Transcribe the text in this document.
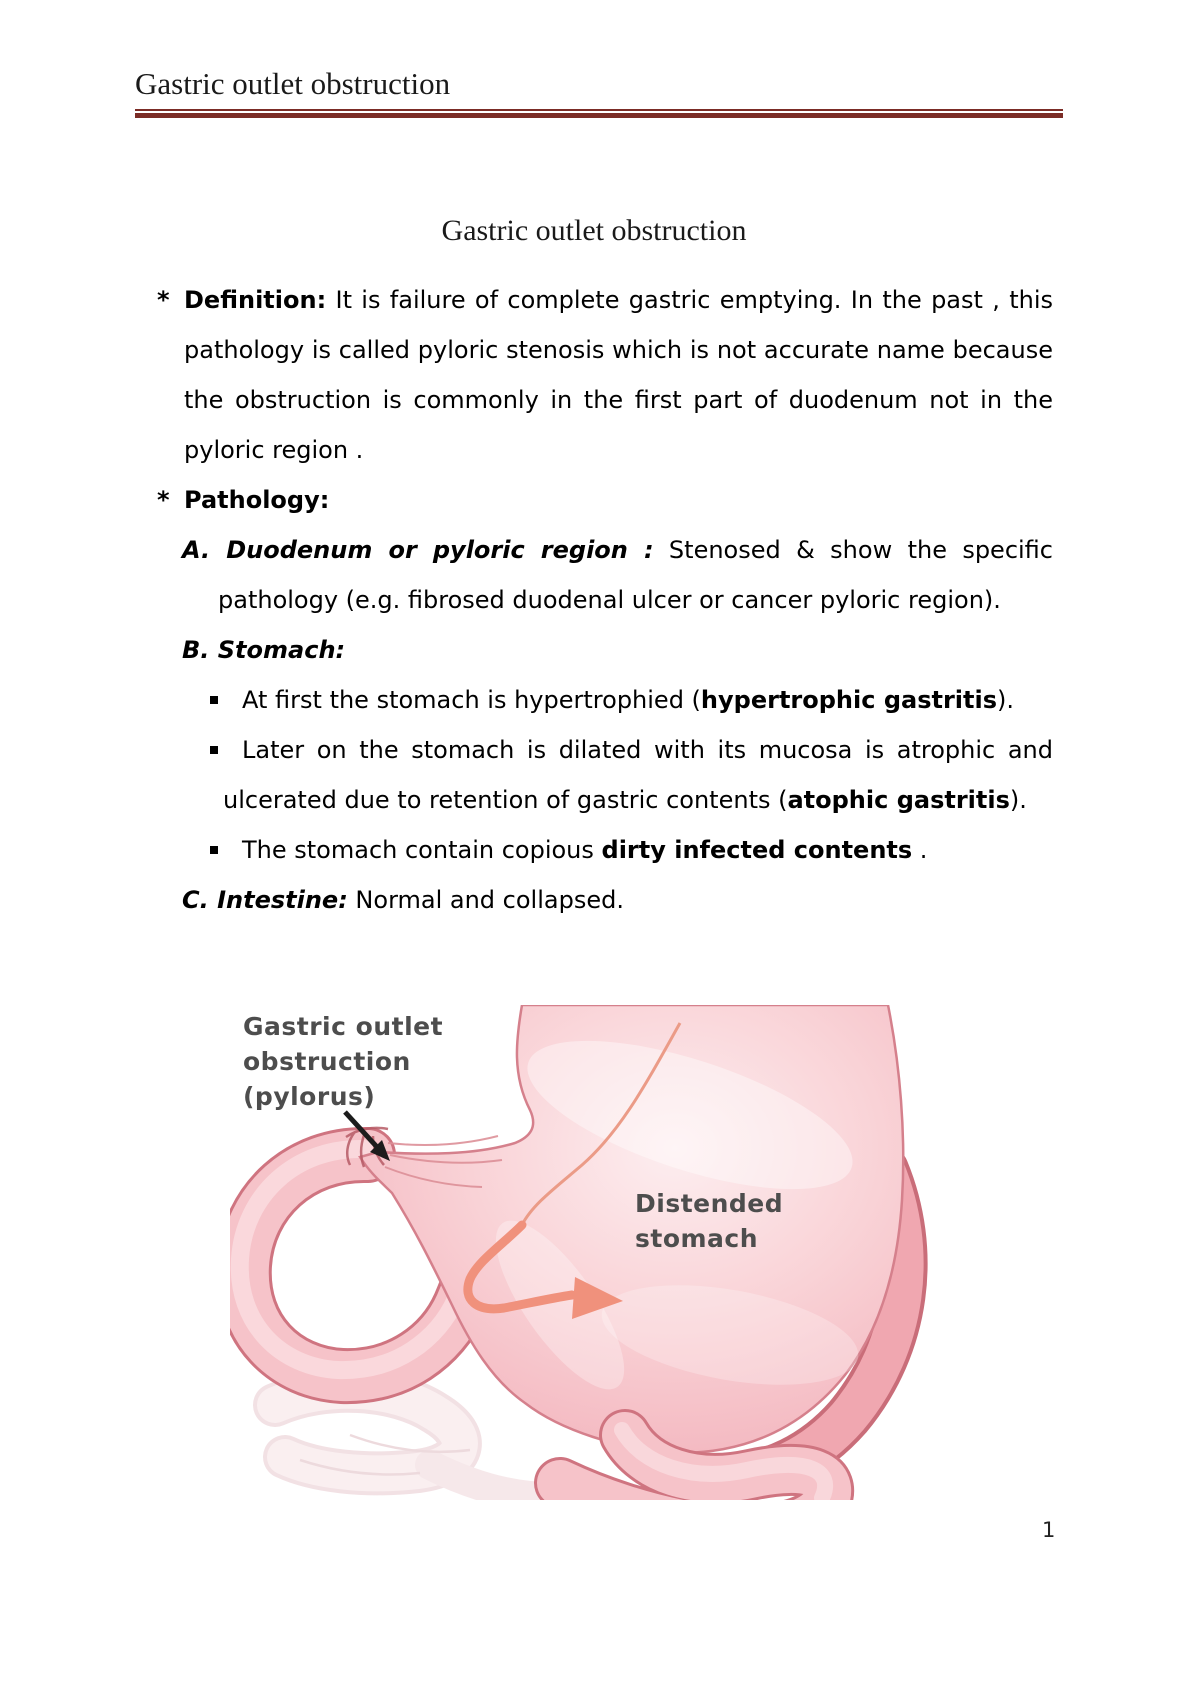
Gastric outlet obstruction
Gastric outlet obstruction

* Definition: It is failure of complete gastric emptying. In the past , this pathology is called pyloric stenosis which is not accurate name because the obstruction is commonly in the first part of duodenum not in the pyloric region .

* Pathology:

A. Duodenum or pyloric region : Stenosed & show the specific pathology (e.g. fibrosed duodenal ulcer or cancer pyloric region).

B. Stomach:

At first the stomach is hypertrophied (hypertrophic gastritis).

Later on the stomach is dilated with its mucosa is atrophic and ulcerated due to retention of gastric contents (atophic gastritis).

The stomach contain copious dirty infected contents .

C. Intestine: Normal and collapsed.

Gastric outlet
obstruction
(pylorus)
Distended
stomach
1
